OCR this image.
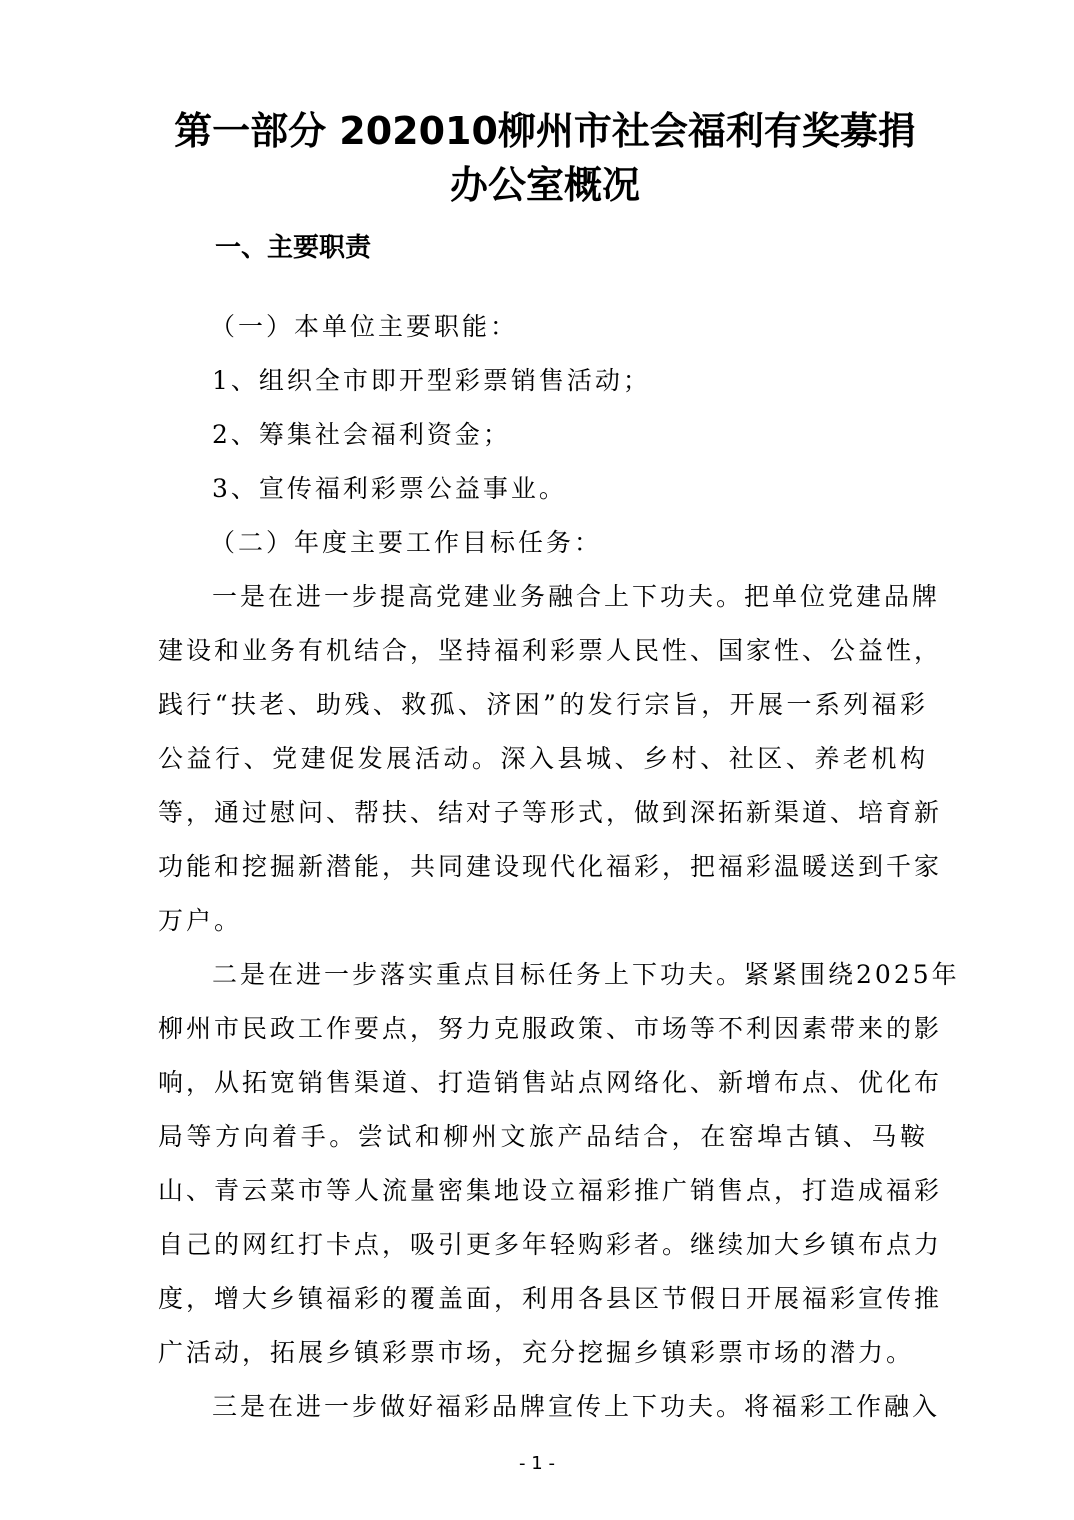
第一部分 202010柳州市社会福利有奖募捐
办公室概况
一、主要职责

（一）本单位主要职能：

1、组织全市即开型彩票销售活动；

2、筹集社会福利资金；

3、宣传福利彩票公益事业。

（二）年度主要工作目标任务：

一是在进一步提高党建业务融合上下功夫。把单位党建品牌

建设和业务有机结合，坚持福利彩票人民性、国家性、公益性，

践行“扶老、助残、救孤、济困”的发行宗旨，开展一系列福彩

公益行、党建促发展活动。深入县城、乡村、社区、养老机构

等，通过慰问、帮扶、结对子等形式，做到深拓新渠道、培育新

功能和挖掘新潜能，共同建设现代化福彩，把福彩温暖送到千家

万户。

二是在进一步落实重点目标任务上下功夫。紧紧围绕2025年

柳州市民政工作要点，努力克服政策、市场等不利因素带来的影

响，从拓宽销售渠道、打造销售站点网络化、新增布点、优化布

局等方向着手。尝试和柳州文旅产品结合，在窑埠古镇、马鞍

山、青云菜市等人流量密集地设立福彩推广销售点，打造成福彩

自己的网红打卡点，吸引更多年轻购彩者。继续加大乡镇布点力

度，增大乡镇福彩的覆盖面，利用各县区节假日开展福彩宣传推

广活动，拓展乡镇彩票市场，充分挖掘乡镇彩票市场的潜力。

三是在进一步做好福彩品牌宣传上下功夫。将福彩工作融入

- 1 -
